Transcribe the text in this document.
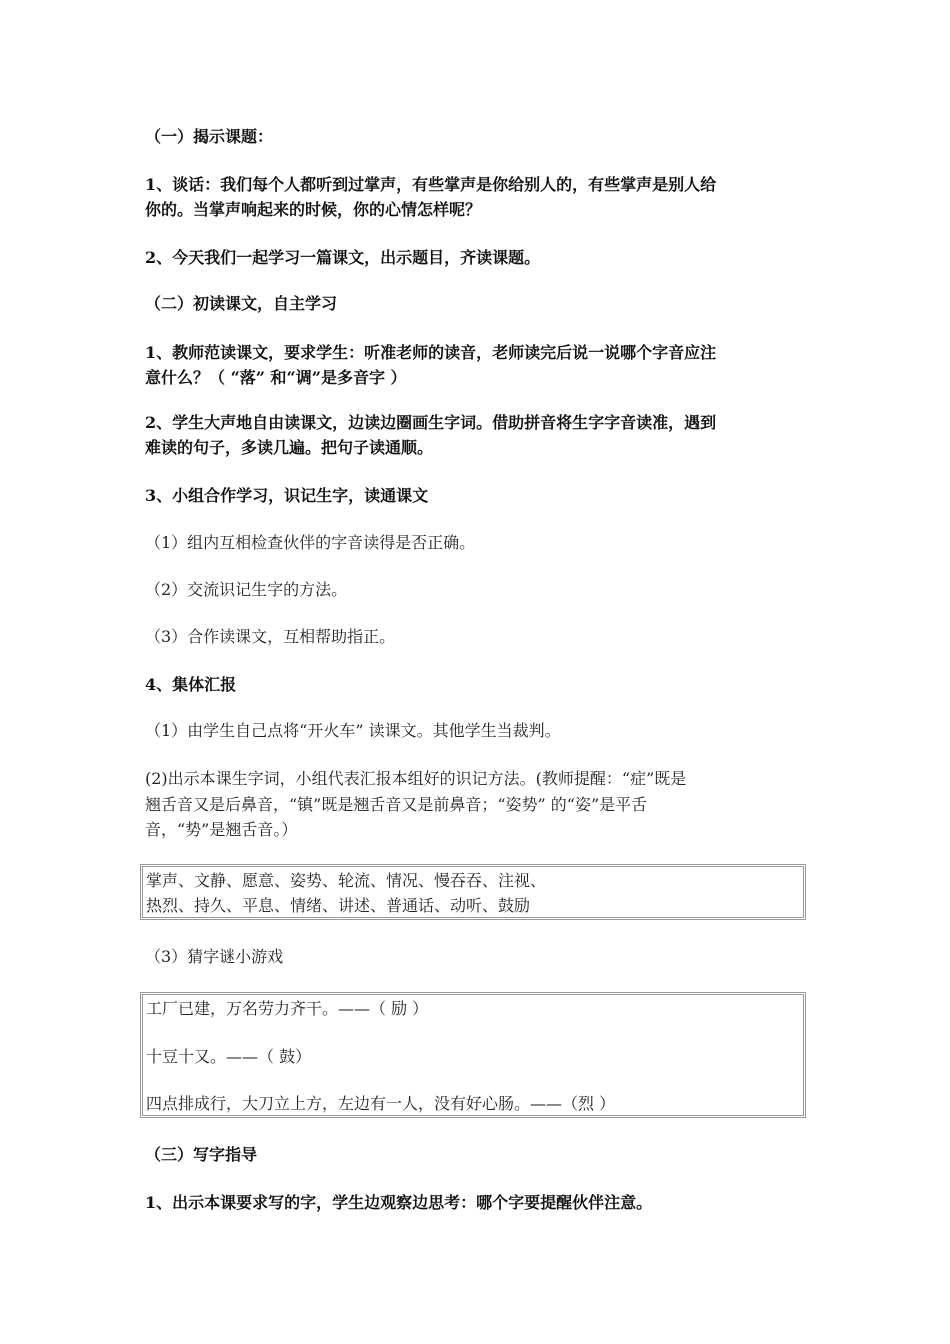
（一）揭示课题：
1、谈话：我们每个人都听到过掌声，有些掌声是你给别人的，有些掌声是别人给
你的。当掌声响起来的时候，你的心情怎样呢？
2、今天我们一起学习一篇课文，出示题目，齐读课题。
（二）初读课文，自主学习
1、教师范读课文，要求学生：听准老师的读音，老师读完后说一说哪个字音应注
意什么？（ “落” 和“调”是多音字 ）
2、学生大声地自由读课文，边读边圈画生字词。借助拼音将生字字音读准，遇到
难读的句子，多读几遍。把句子读通顺。
3、小组合作学习，识记生字，读通课文
（1）组内互相检查伙伴的字音读得是否正确。
（2）交流识记生字的方法。
（3）合作读课文，互相帮助指正。
4、集体汇报
（1）由学生自己点将“开火车” 读课文。其他学生当裁判。
(2)出示本课生字词，小组代表汇报本组好的识记方法。(教师提醒：“症”既是
翘舌音又是后鼻音，“镇”既是翘舌音又是前鼻音；“姿势” 的“姿”是平舌
音，“势”是翘舌音。）
掌声、文静、愿意、姿势、轮流、情况、慢吞吞、注视、
热烈、持久、平息、情绪、讲述、普通话、动听、鼓励
（3）猜字谜小游戏
工厂已建，万名劳力齐干。——（ 励 ）
十豆十又。——（ 鼓）
四点排成行，大刀立上方，左边有一人，没有好心肠。——（烈 ）
（三）写字指导
1、出示本课要求写的字，学生边观察边思考：哪个字要提醒伙伴注意。
